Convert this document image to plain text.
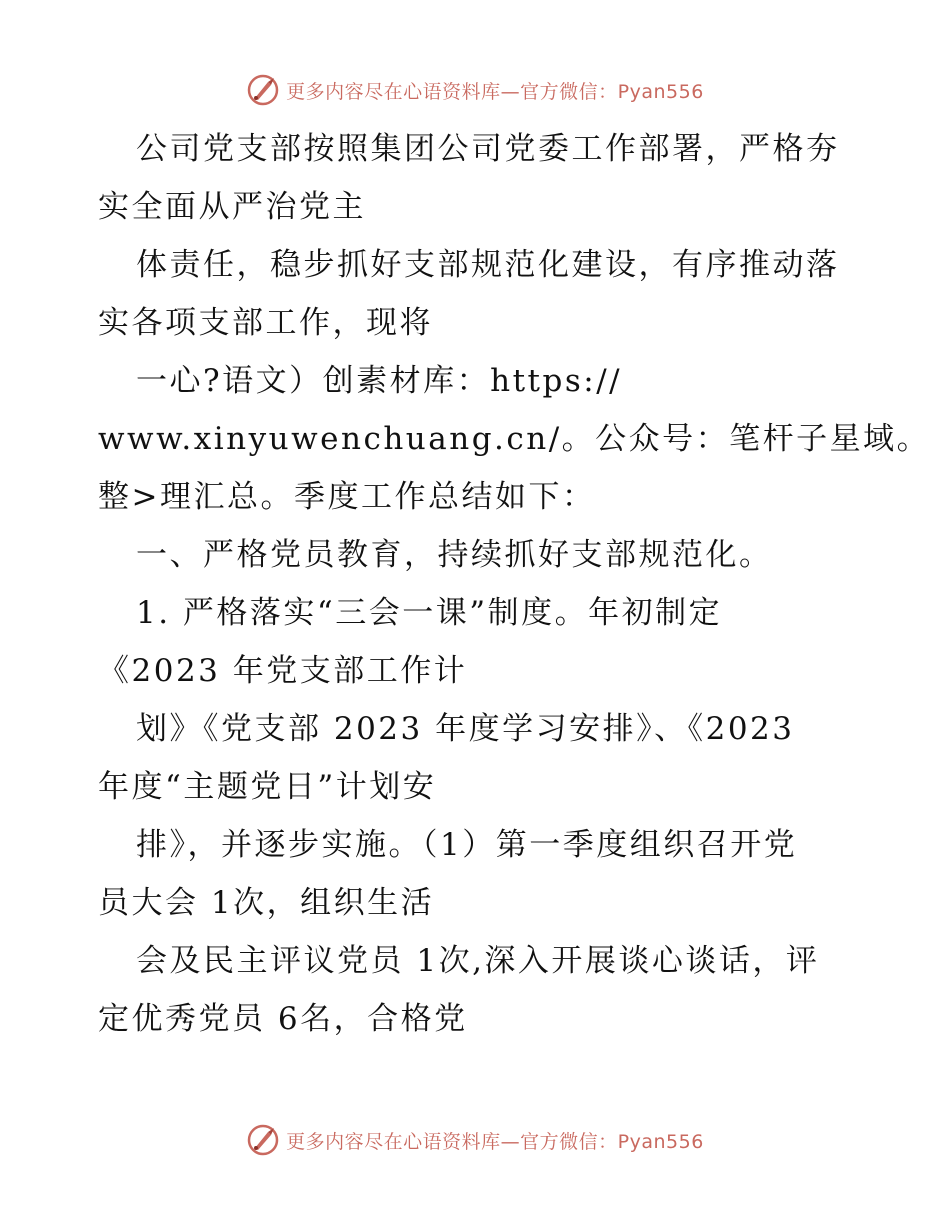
更多内容尽在心语资料库—官方微信：Pyan556
公司党支部按照集团公司党委工作部署，严格夯
实全面从严治党主
体责任，稳步抓好支部规范化建设，有序推动落
实各项支部工作，现将
一心?语文）创素材库：https://
www.xinyuwenchuang.cn/。公众号：笔杆子星域。
整>理汇总。季度工作总结如下：
一、严格党员教育，持续抓好支部规范化。
1. 严格落实“三会一课”制度。年初制定
《2023 年党支部工作计
划》《党支部 2023 年度学习安排》、《2023
年度“主题党日”计划安
排》，并逐步实施。（1）第一季度组织召开党
员大会 1次，组织生活
会及民主评议党员 1次,深入开展谈心谈话，评
定优秀党员 6名，合格党
更多内容尽在心语资料库—官方微信：Pyan556
